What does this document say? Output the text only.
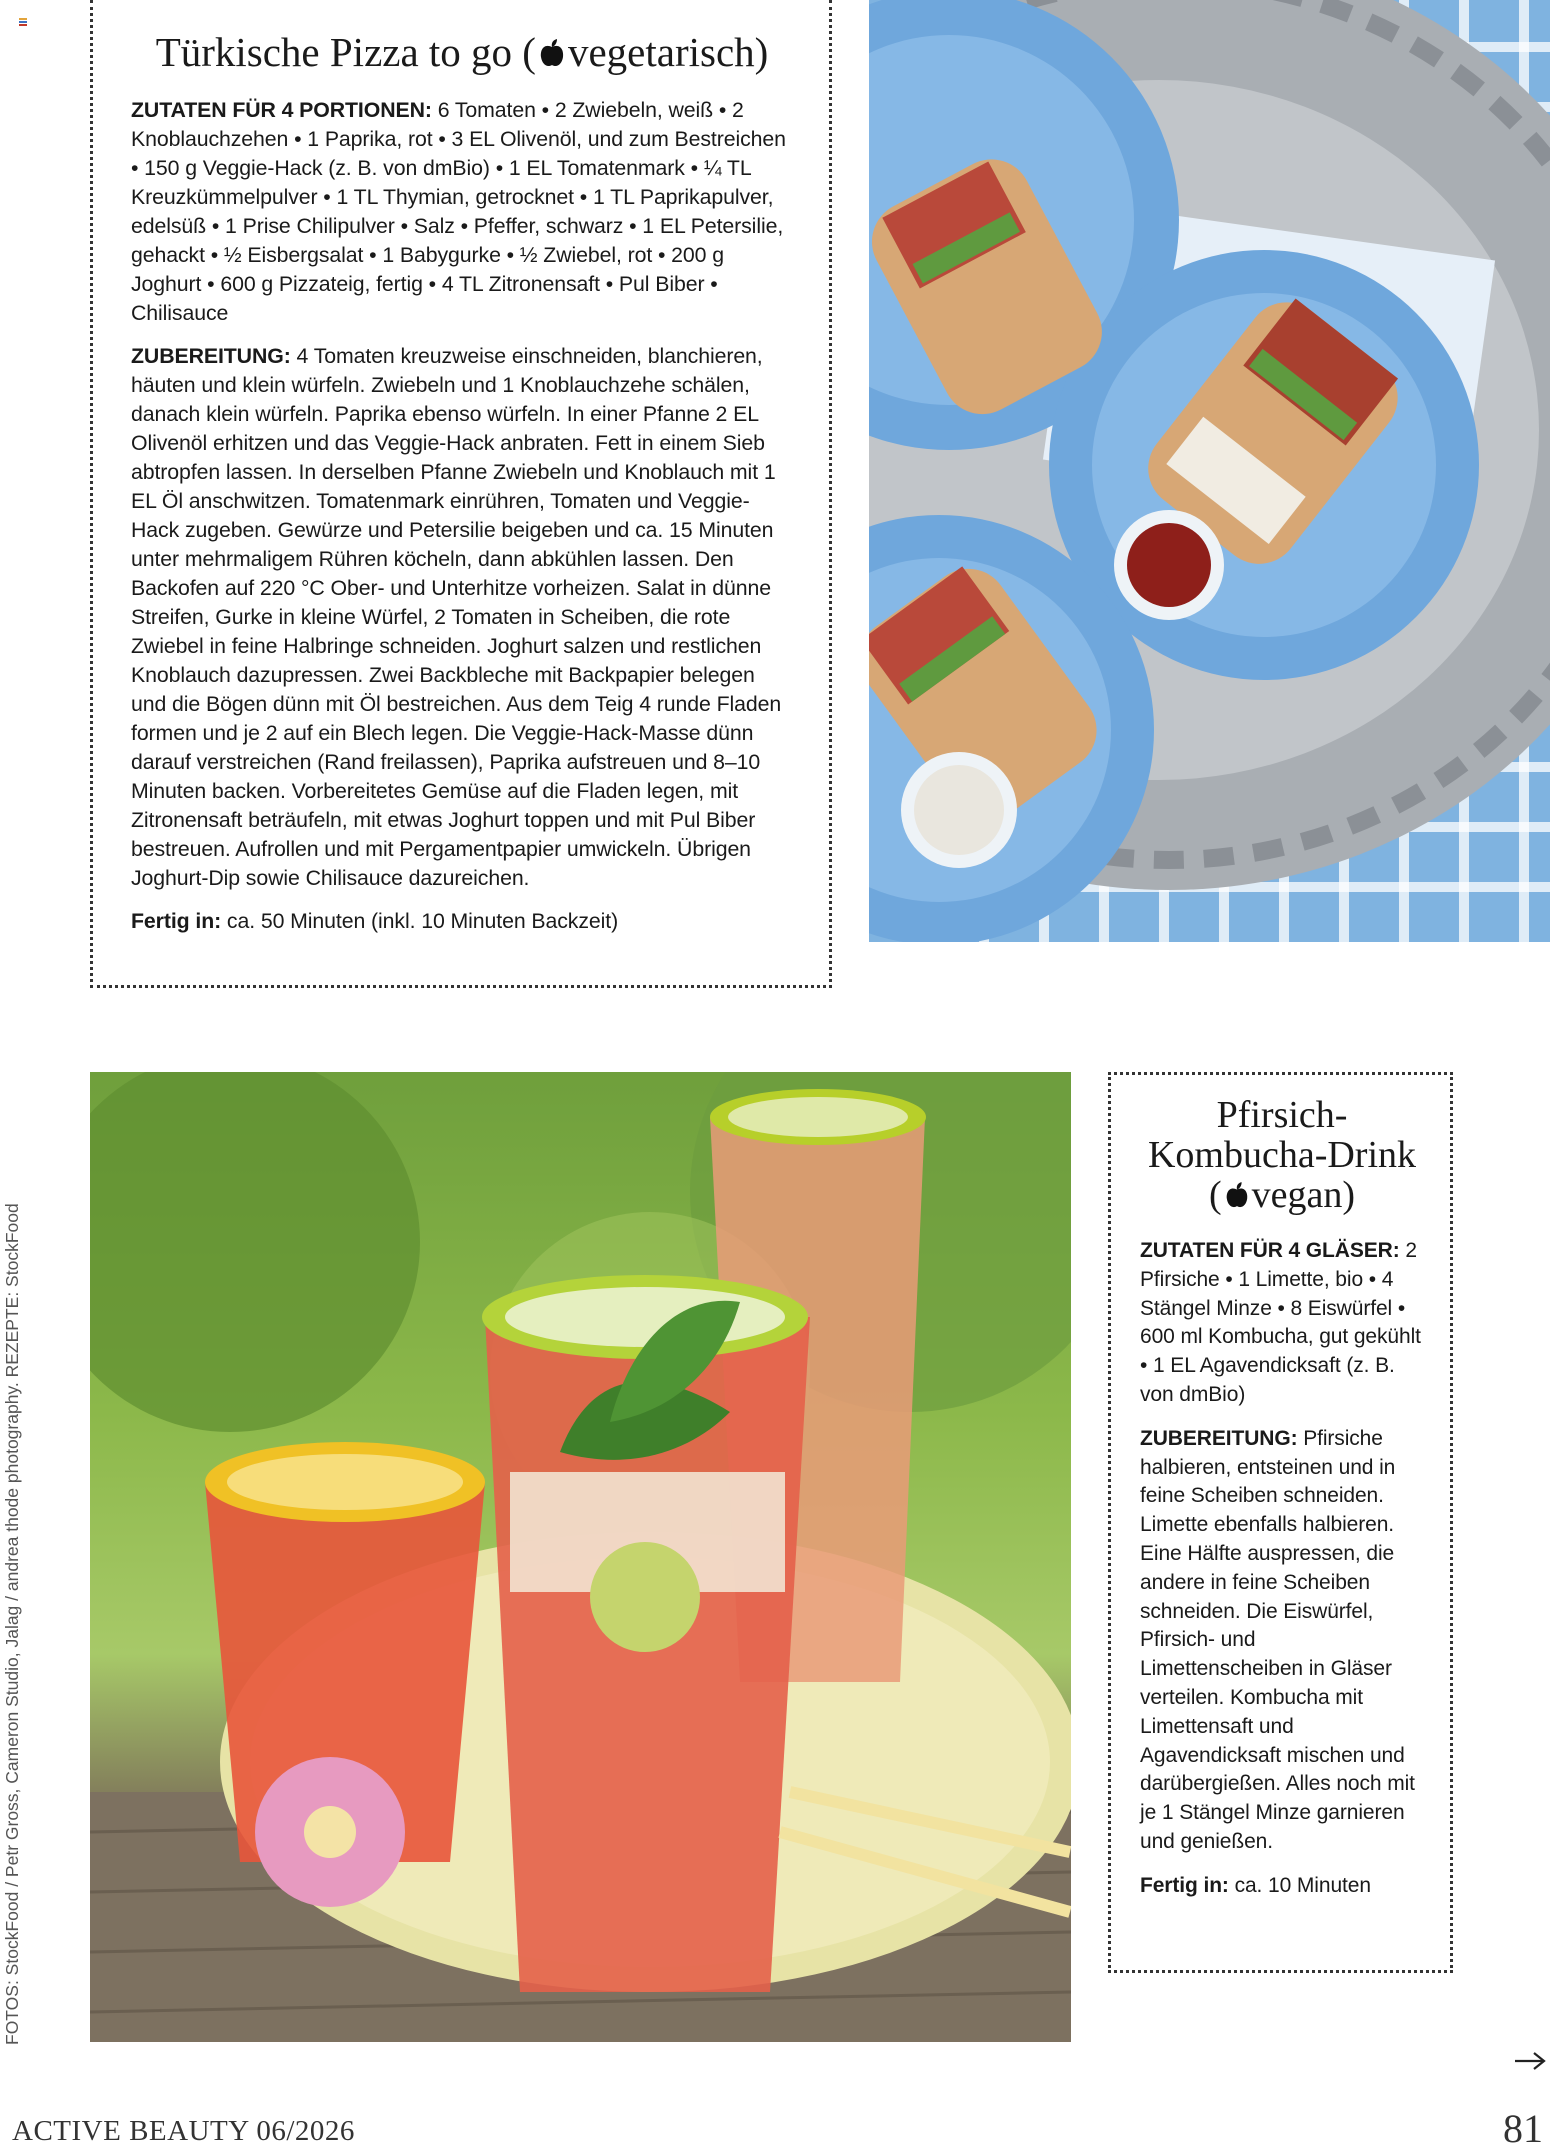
Türkische Pizza to go ( vegetarisch)

ZUTATEN FÜR 4 PORTIONEN: 6 Tomaten • 2 Zwiebeln, weiß • 2 Knoblauchzehen • 1 Paprika, rot • 3 EL Olivenöl, und zum Bestreichen • 150 g Veggie-Hack (z. B. von dmBio) • 1 EL Tomatenmark • ¼ TL Kreuzkümmelpulver • 1 TL Thymian, getrocknet • 1 TL Paprikapulver, edelsüß • 1 Prise Chilipulver • Salz • Pfeffer, schwarz • 1 EL Petersilie, gehackt • ½ Eisbergsalat • 1 Babygurke • ½ Zwiebel, rot • 200 g Joghurt • 600 g Pizzateig, fertig • 4 TL Zitronensaft • Pul Biber • Chilisauce

ZUBEREITUNG: 4 Tomaten kreuzweise einschneiden, blanchieren, häuten und klein würfeln. Zwiebeln und 1 Knoblauchzehe schälen, danach klein würfeln. Paprika ebenso würfeln. In einer Pfanne 2 EL Olivenöl erhitzen und das Veggie-Hack anbraten. Fett in einem Sieb abtropfen lassen. In derselben Pfanne Zwiebeln und Knoblauch mit 1 EL Öl anschwitzen. Tomatenmark einrühren, Tomaten und Veggie-Hack zugeben. Gewürze und Petersilie beigeben und ca. 15 Minuten unter mehrmaligem Rühren köcheln, dann abkühlen lassen. Den Backofen auf 220 °C Ober- und Unterhitze vorheizen. Salat in dünne Streifen, Gurke in kleine Würfel, 2 Tomaten in Scheiben, die rote Zwiebel in feine Halbringe schneiden. Joghurt salzen und restlichen Knoblauch dazupressen. Zwei Backbleche mit Backpapier belegen und die Bögen dünn mit Öl bestreichen. Aus dem Teig 4 runde Fladen formen und je 2 auf ein Blech legen. Die Veggie-Hack-Masse dünn darauf verstreichen (Rand freilassen), Paprika aufstreuen und 8–10 Minuten backen. Vorbereitetes Gemüse auf die Fladen legen, mit Zitronensaft beträufeln, mit etwas Joghurt toppen und mit Pul Biber bestreuen. Aufrollen und mit Pergamentpapier umwickeln. Übrigen Joghurt-Dip sowie Chilisauce dazureichen.

Fertig in: ca. 50 Minuten (inkl. 10 Minuten Backzeit)

Pfirsich-
Kombucha-Drink
( vegan)

ZUTATEN FÜR 4 GLÄSER: 2 Pfirsiche • 1 Limette, bio • 4 Stängel Minze • 8 Eiswürfel • 600 ml Kombucha, gut gekühlt • 1 EL Agavendicksaft (z. B. von dmBio)

ZUBEREITUNG: Pfirsiche halbieren, entsteinen und in feine Scheiben schneiden. Limette ebenfalls halbieren. Eine Hälfte auspressen, die andere in feine Scheiben schneiden. Die Eiswürfel, Pfirsich- und Limettenscheiben in Gläser verteilen. Kombucha mit Limettensaft und Agavendicksaft mischen und darübergießen. Alles noch mit je 1 Stängel Minze garnieren und genießen.

Fertig in: ca. 10 Minuten

FOTOS: StockFood / Petr Gross, Cameron Studio, Jalag / andrea thode photography. REZEPTE: StockFood
ACTIVE BEAUTY 06/2026	81
